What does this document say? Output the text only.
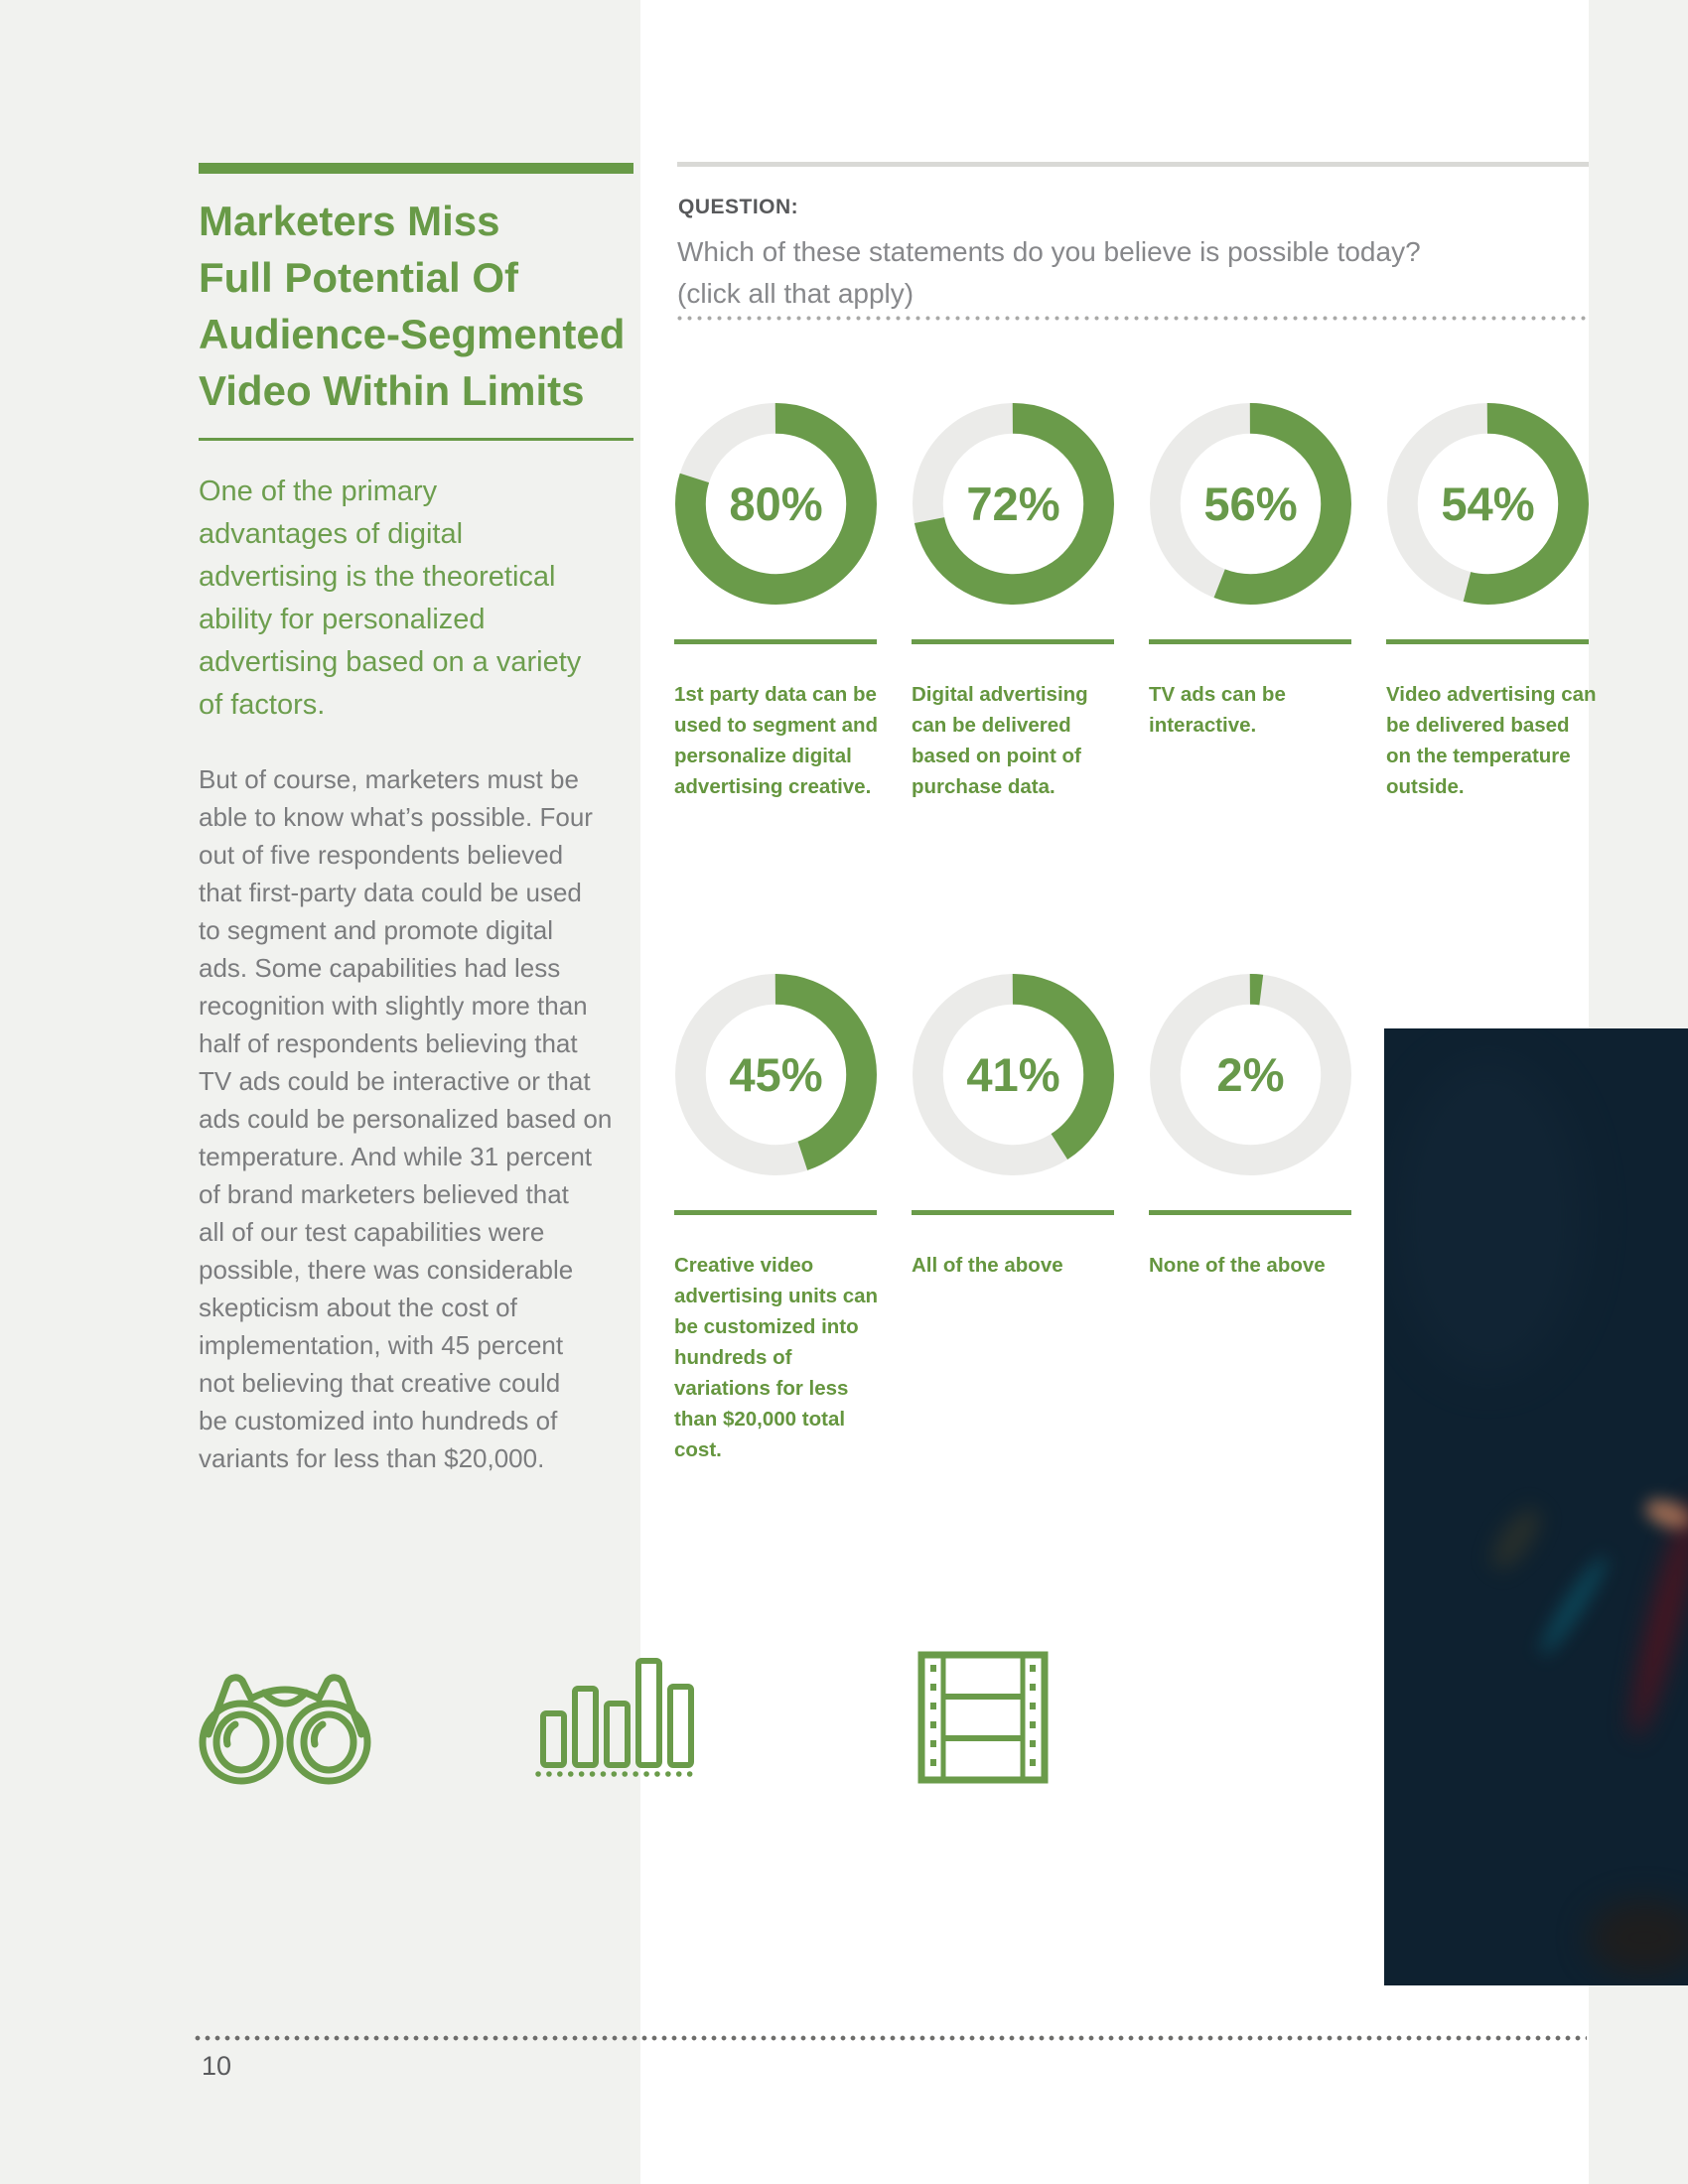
Marketers Miss
Full Potential Of
Audience-Segmented
Video Within Limits

One of the primary
advantages of digital
advertising is the theoretical
ability for personalized
advertising based on a variety
of factors.

But of course, marketers must be
able to know what’s possible. Four
out of five respondents believed
that first-party data could be used
to segment and promote digital
ads. Some capabilities had less
recognition with slightly more than
half of respondents believing that
TV ads could be interactive or that
ads could be personalized based on
temperature. And while 31 percent
of brand marketers believed that
all of our test capabilities were
possible, there was considerable
skepticism about the cost of
implementation, with 45 percent
not believing that creative could
be customized into hundreds of
variants for less than $20,000.

QUESTION:
Which of these statements do you believe is possible today?
(click all that apply)
80%
1st party data can be used to segment and personalize digital advertising creative.
72%
Digital advertising can be delivered based on point of purchase data.
56%
TV ads can be interactive.
54%
Video advertising can be delivered based on the temperature outside.
45%
Creative video advertising units can be customized into hundreds of variations for less than $20,000 total cost.
41%
All of the above
2%
None of the above
10
